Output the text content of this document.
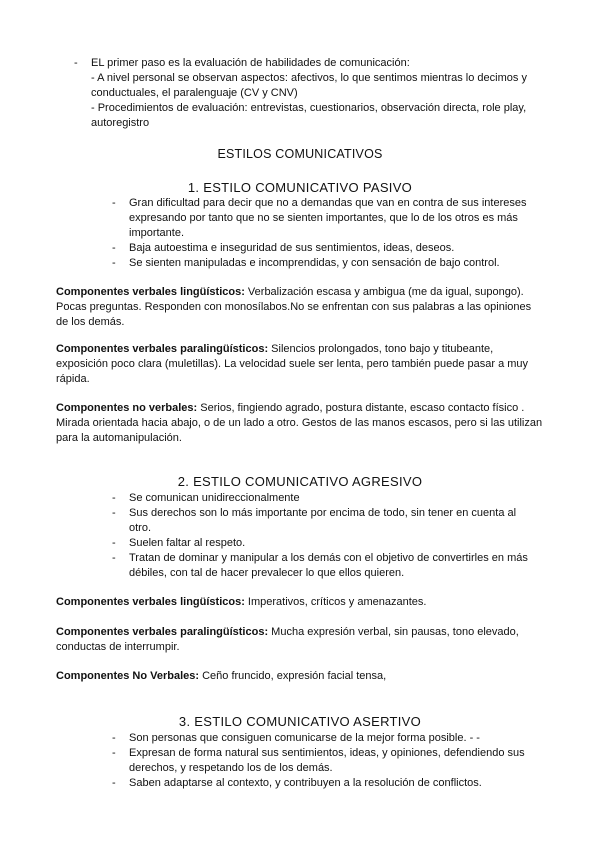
- EL primer paso es la evaluación de habilidades de comunicación:
- A nivel personal se observan aspectos: afectivos, lo que sentimos mientras lo decimos y conductuales, el paralenguaje (CV y CNV)
- Procedimientos de evaluación: entrevistas, cuestionarios, observación directa, role play, autoregistro
ESTILOS COMUNICATIVOS
1. ESTILO COMUNICATIVO PASIVO
- Gran dificultad para decir que no a demandas que van en contra de sus intereses expresando por tanto que no se sienten importantes, que lo de los otros es más importante.
- Baja autoestima e inseguridad de sus sentimientos, ideas, deseos.
- Se sienten manipuladas e incomprendidas, y con sensación de bajo control.
Componentes verbales lingüísticos: Verbalización escasa y ambigua (me da igual, supongo). Pocas preguntas. Responden con monosílabos.No se enfrentan con sus palabras a las opiniones de los demás.
Componentes verbales paralingüísticos: Silencios prolongados, tono bajo y titubeante, exposición poco clara (muletillas). La velocidad suele ser lenta, pero también puede pasar a muy rápida.
Componentes no verbales: Serios, fingiendo agrado, postura distante, escaso contacto físico . Mirada orientada hacia abajo, o de un lado a otro. Gestos de las manos escasos, pero si las utilizan para la automanipulación.
2. ESTILO COMUNICATIVO AGRESIVO
- Se comunican unidireccionalmente
- Sus derechos son lo más importante por encima de todo, sin tener en cuenta al otro.
- Suelen faltar al respeto.
- Tratan de dominar y manipular a los demás con el objetivo de convertirles en más débiles, con tal de hacer prevalecer lo que ellos quieren.
Componentes verbales lingüísticos: Imperativos, críticos y amenazantes.
Componentes verbales paralingüísticos: Mucha expresión verbal, sin pausas, tono elevado, conductas de interrumpir.
Componentes No Verbales: Ceño fruncido, expresión facial tensa,
3. ESTILO COMUNICATIVO ASERTIVO
- Son personas que consiguen comunicarse de la mejor forma posible. - -
- Expresan de forma natural sus sentimientos, ideas, y opiniones, defendiendo sus derechos, y respetando los de los demás.
- Saben adaptarse al contexto, y contribuyen a la resolución de conflictos.
